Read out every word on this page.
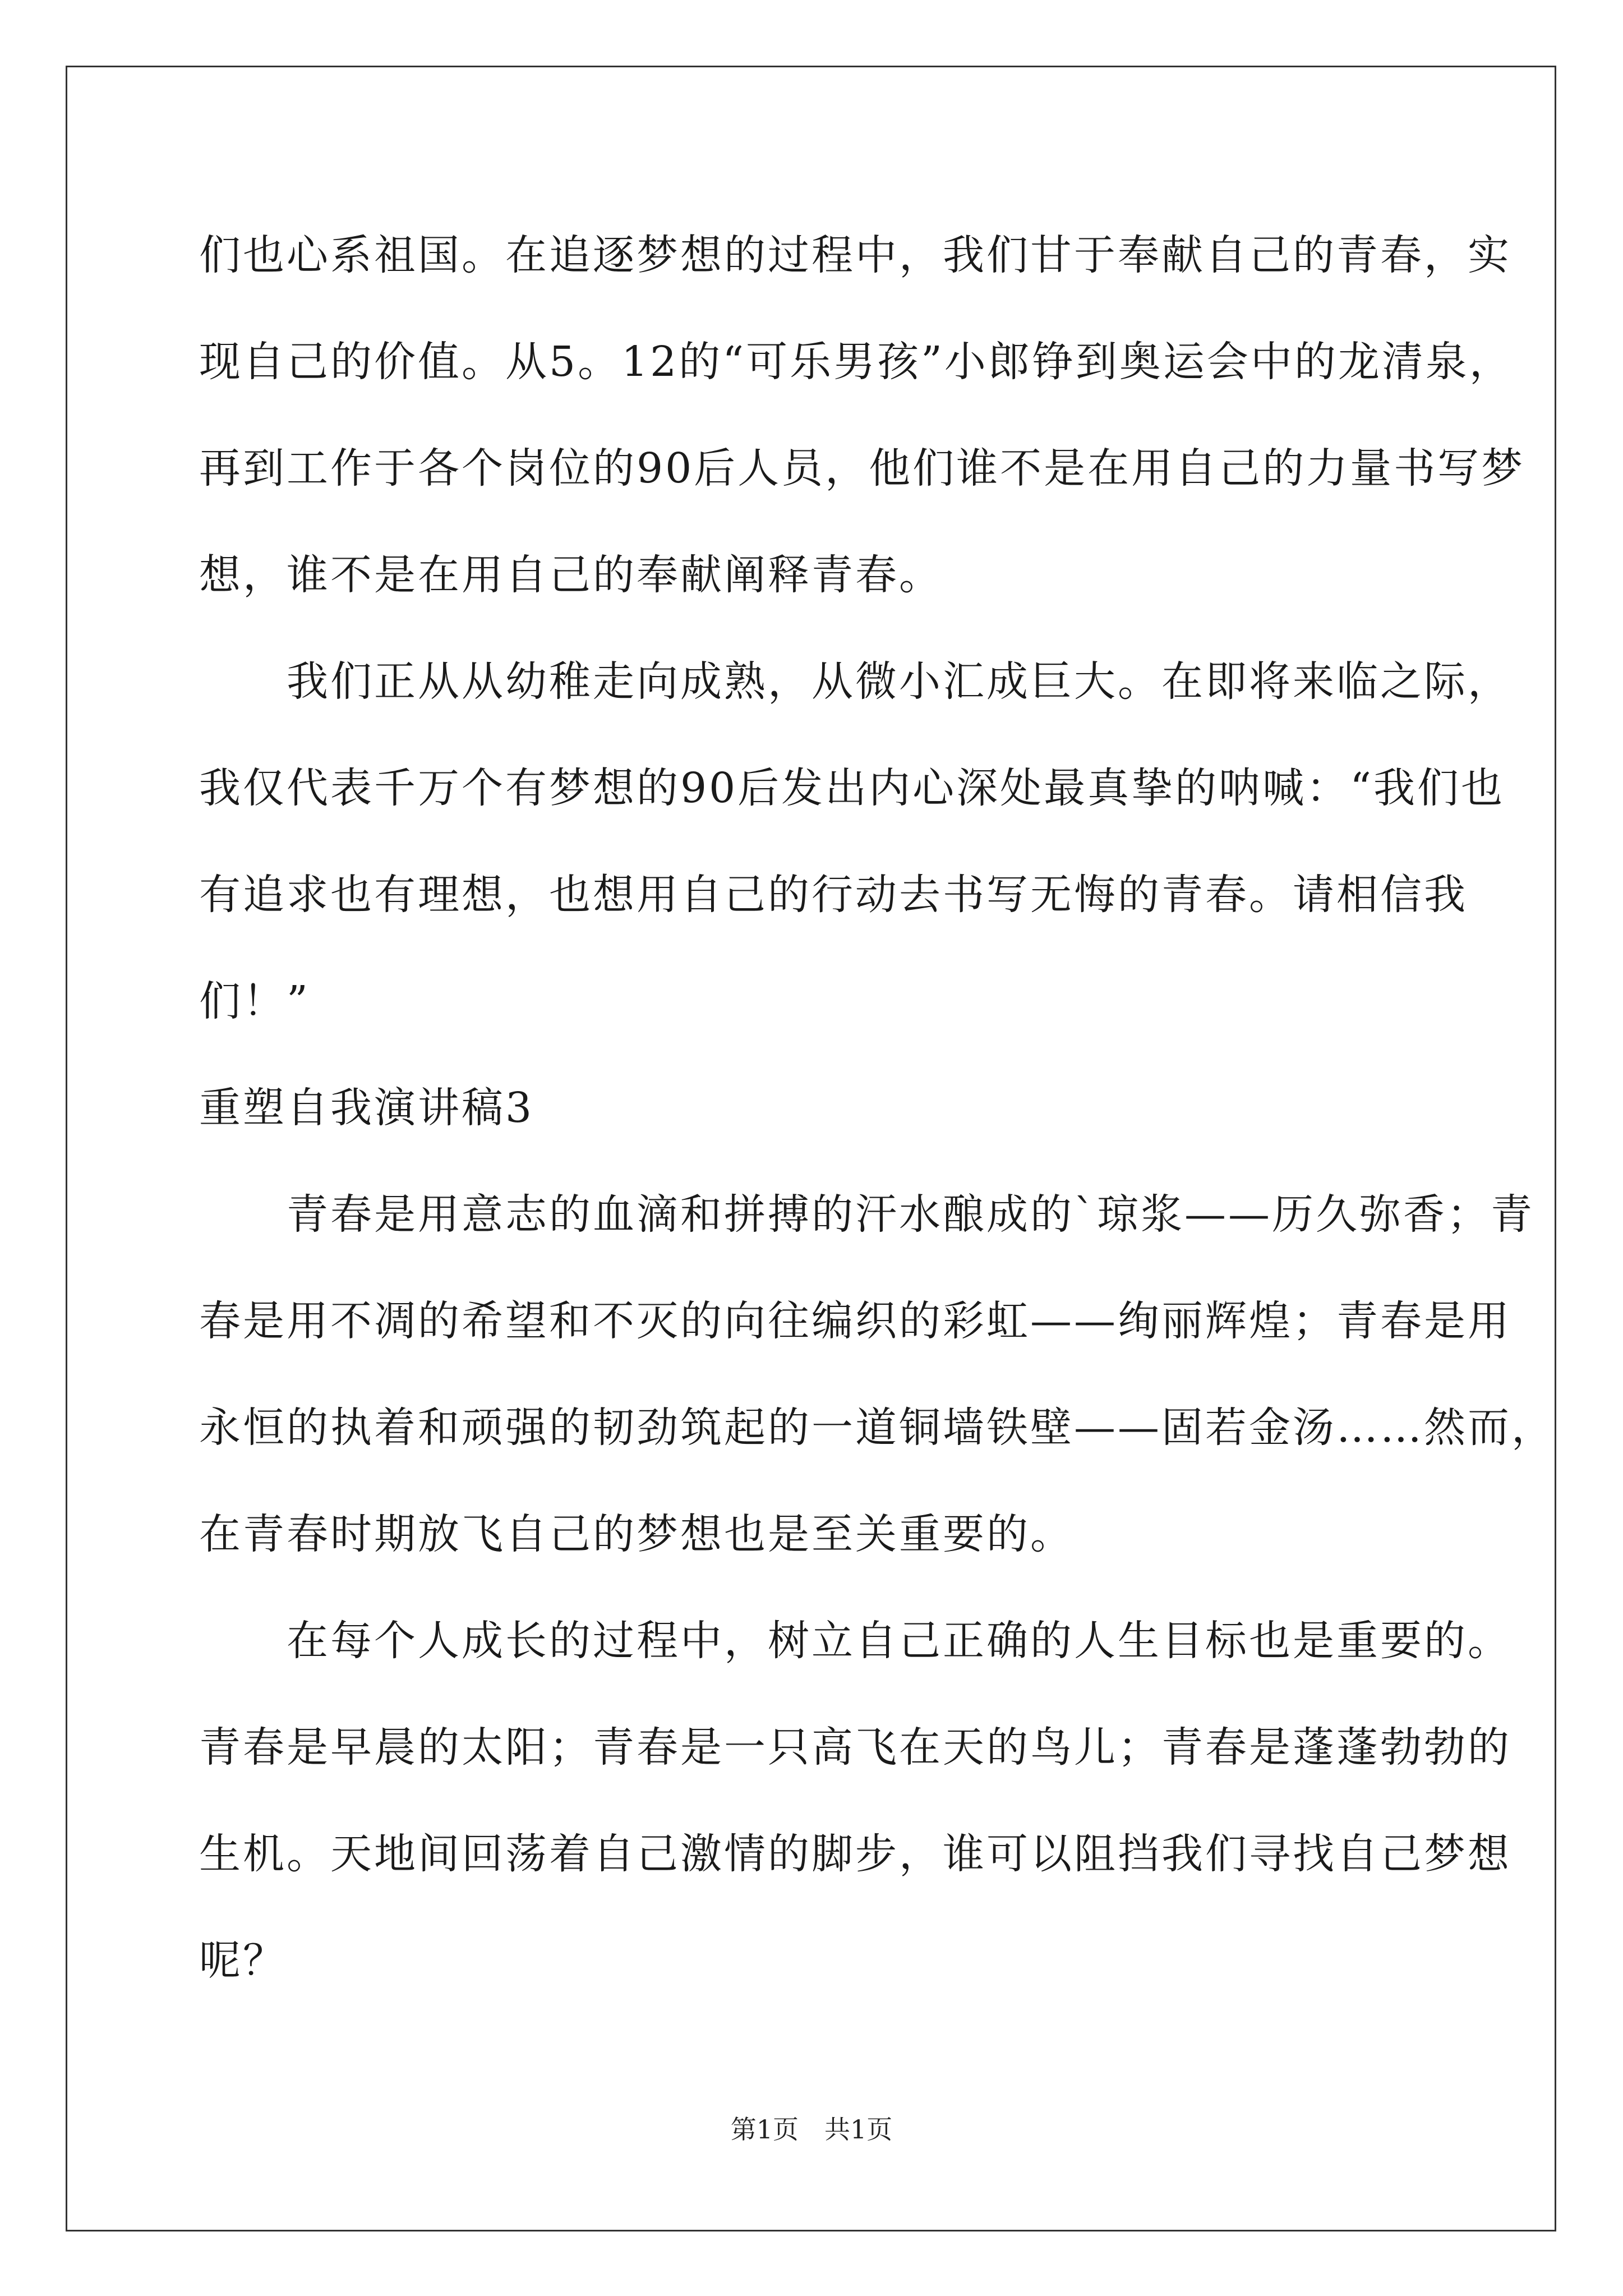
们也心系祖国。在追逐梦想的过程中，我们甘于奉献自己的青春，实
现自己的价值。从5。12的“可乐男孩”小郎铮到奥运会中的龙清泉，
再到工作于各个岗位的90后人员，他们谁不是在用自己的力量书写梦
想，谁不是在用自己的奉献阐释青春。
　　我们正从从幼稚走向成熟，从微小汇成巨大。在即将来临之际，
我仅代表千万个有梦想的90后发出内心深处最真挚的呐喊：“我们也
有追求也有理想，也想用自己的行动去书写无悔的青春。请相信我
们！”
重塑自我演讲稿3
　　青春是用意志的血滴和拼搏的汗水酿成的`琼浆——历久弥香；青
春是用不凋的希望和不灭的向往编织的彩虹——绚丽辉煌；青春是用
永恒的执着和顽强的韧劲筑起的一道铜墙铁壁——固若金汤……然而，
在青春时期放飞自己的梦想也是至关重要的。
　　在每个人成长的过程中，树立自己正确的人生目标也是重要的。
青春是早晨的太阳；青春是一只高飞在天的鸟儿；青春是蓬蓬勃勃的
生机。天地间回荡着自己激情的脚步，谁可以阻挡我们寻找自己梦想
呢？
第1页　共1页
